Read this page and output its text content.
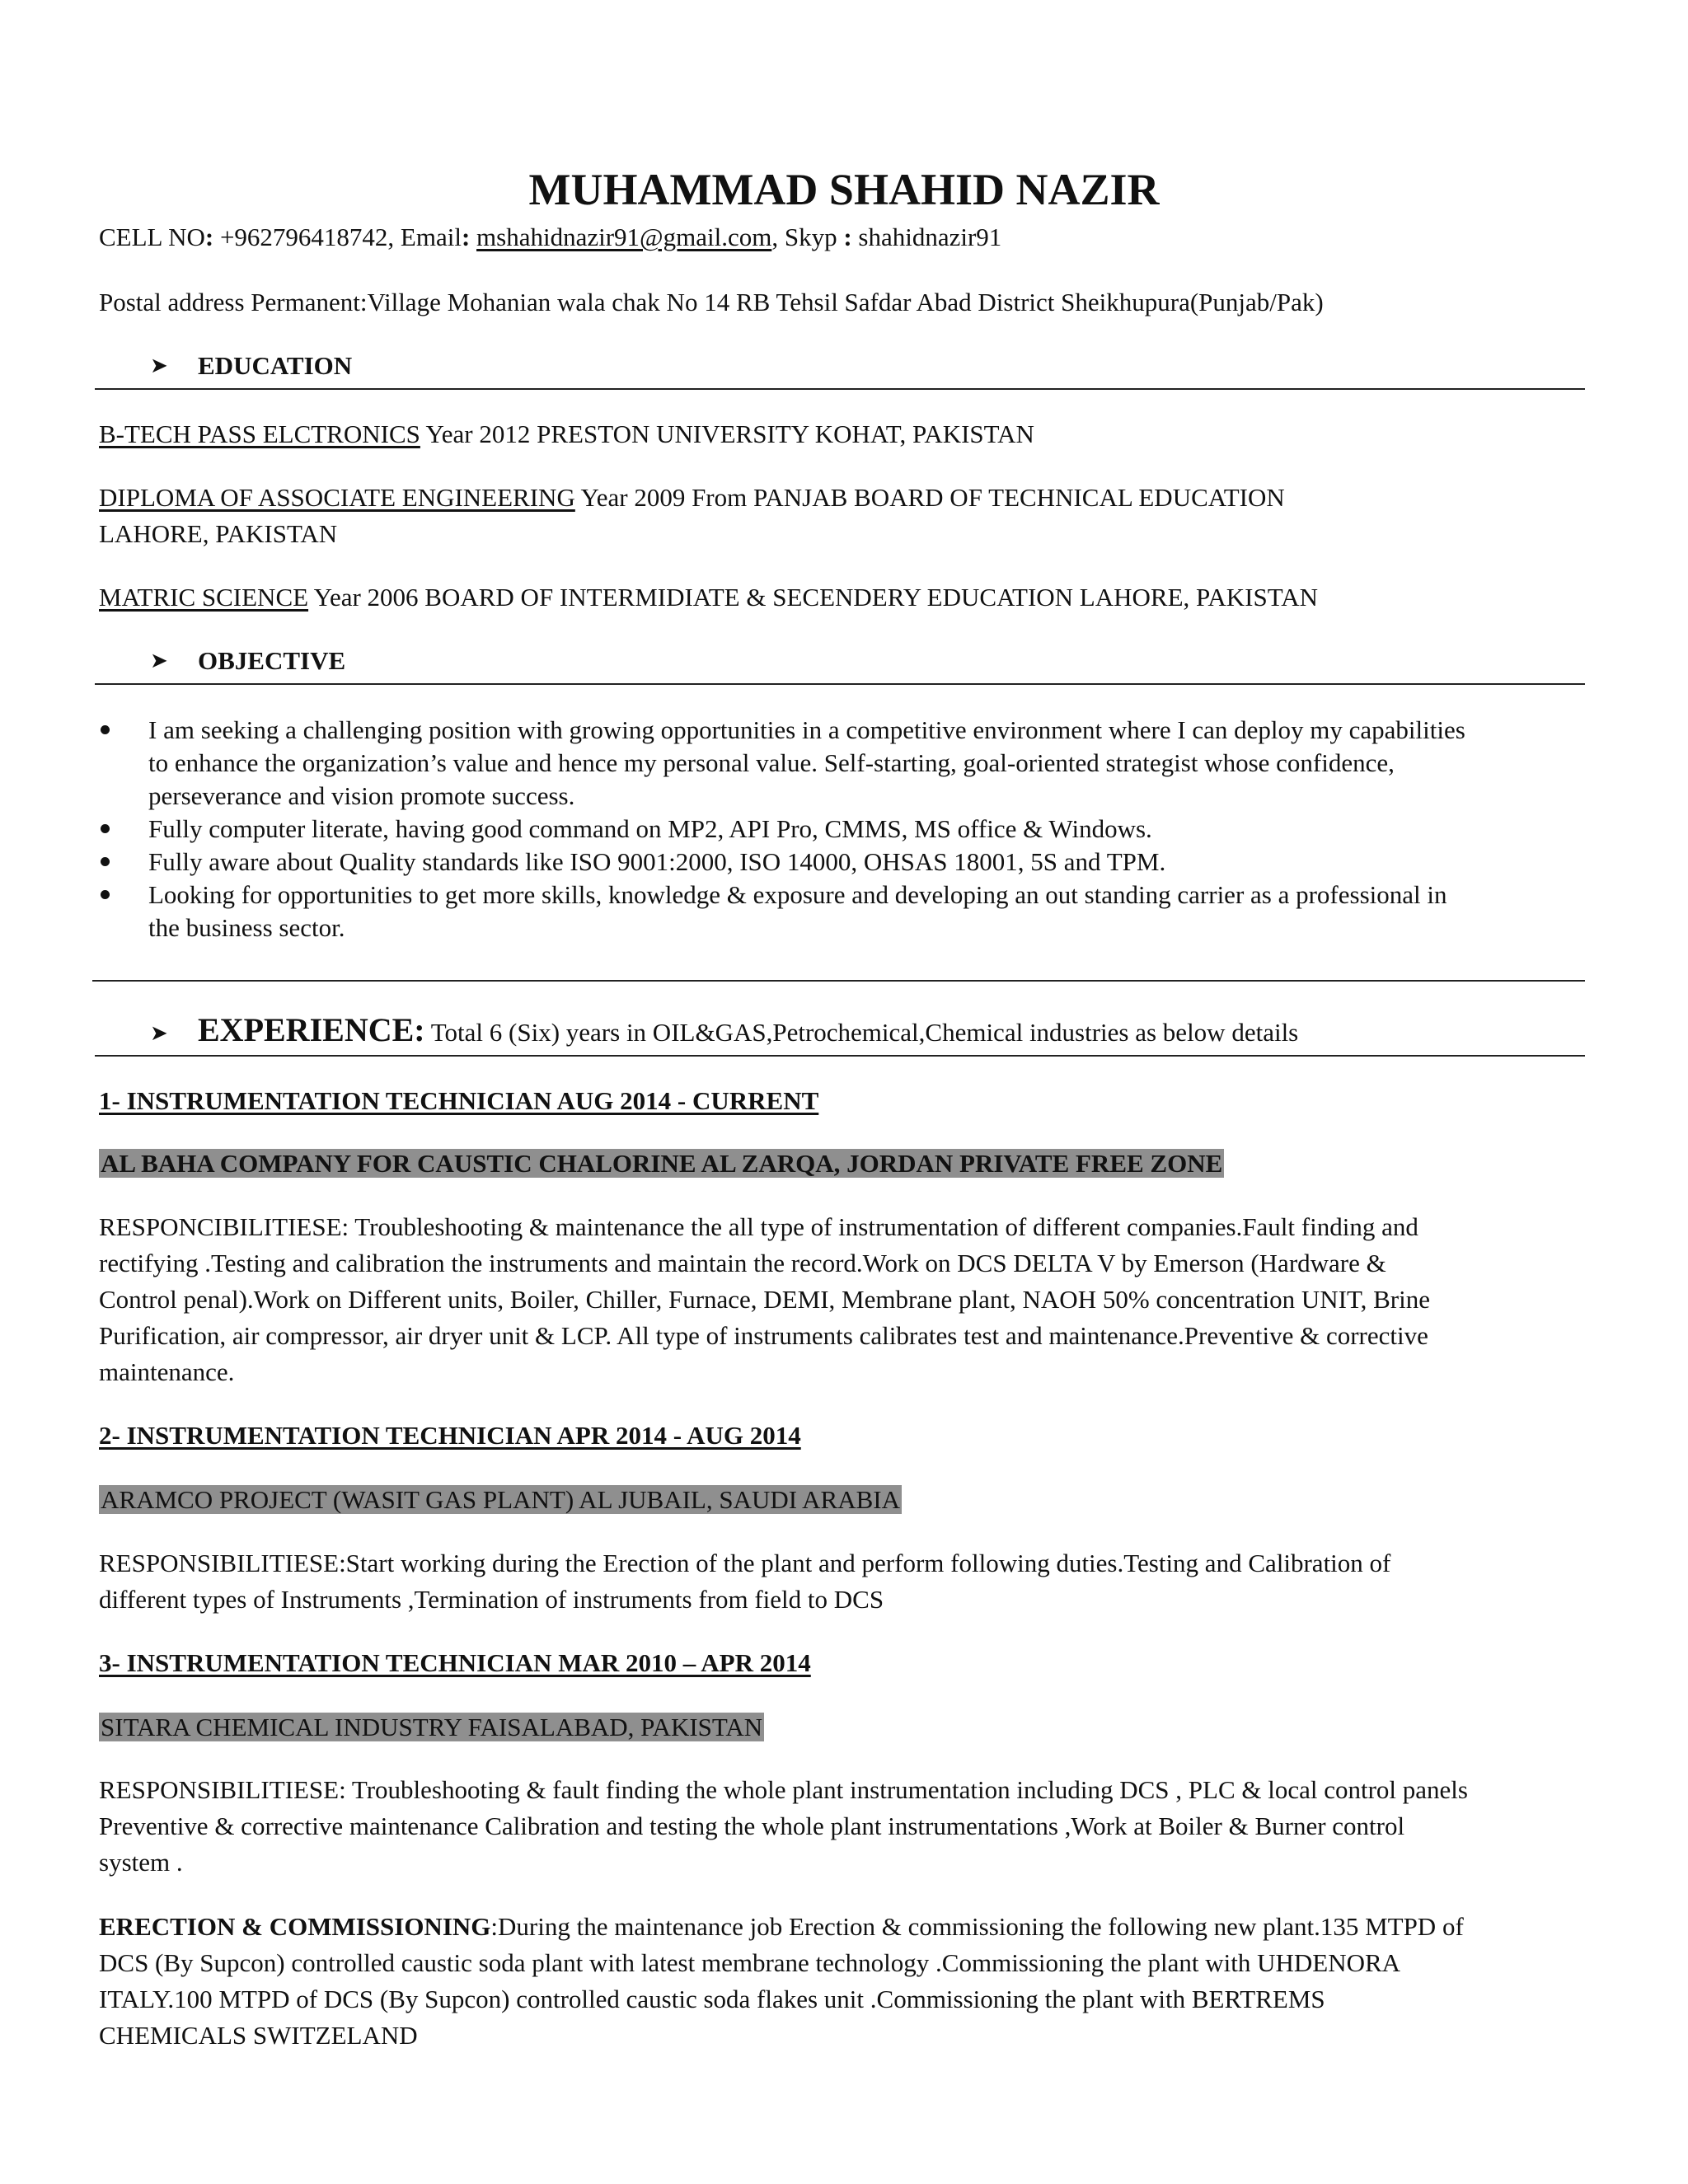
MUHAMMAD SHAHID NAZIR
CELL NO: +962796418742, Email: mshahidnazir91@gmail.com, Skyp : shahidnazir91
Postal address Permanent:Village Mohanian wala chak No 14 RB Tehsil Safdar Abad District Sheikhupura(Punjab/Pak)
➤ EDUCATION
B-TECH PASS ELCTRONICS Year 2012 PRESTON UNIVERSITY KOHAT, PAKISTAN
DIPLOMA OF ASSOCIATE ENGINEERING Year 2009 From PANJAB BOARD OF TECHNICAL EDUCATION
LAHORE, PAKISTAN
MATRIC SCIENCE Year 2006 BOARD OF INTERMIDIATE & SECENDERY EDUCATION LAHORE, PAKISTAN
➤ OBJECTIVE
I am seeking a challenging position with growing opportunities in a competitive environment where I can deploy my capabilities
to enhance the organization’s value and hence my personal value. Self-starting, goal-oriented strategist whose confidence,
perseverance and vision promote success.
Fully computer literate, having good command on MP2, API Pro, CMMS, MS office & Windows.
Fully aware about Quality standards like ISO 9001:2000, ISO 14000, OHSAS 18001, 5S and TPM.
Looking for opportunities to get more skills, knowledge & exposure and developing an out standing carrier as a professional in
the business sector.
➤ EXPERIENCE: Total 6 (Six) years in OIL&GAS,Petrochemical,Chemical industries as below details
1- INSTRUMENTATION TECHNICIAN AUG 2014 - CURRENT
AL BAHA COMPANY FOR CAUSTIC CHALORINE AL ZARQA, JORDAN PRIVATE FREE ZONE
RESPONCIBILITIESE: Troubleshooting & maintenance the all type of instrumentation of different companies.Fault finding and
rectifying .Testing and calibration the instruments and maintain the record.Work on DCS DELTA V by Emerson (Hardware &
Control penal).Work on Different units, Boiler, Chiller, Furnace, DEMI, Membrane plant, NAOH 50% concentration UNIT, Brine
Purification, air compressor, air dryer unit & LCP. All type of instruments calibrates test and maintenance.Preventive & corrective
maintenance.
2- INSTRUMENTATION TECHNICIAN APR 2014 - AUG 2014
ARAMCO PROJECT (WASIT GAS PLANT) AL JUBAIL, SAUDI ARABIA
RESPONSIBILITIESE:Start working during the Erection of the plant and perform following duties.Testing and Calibration of
different types of Instruments ,Termination of instruments from field to DCS
3- INSTRUMENTATION TECHNICIAN MAR 2010 – APR 2014
SITARA CHEMICAL INDUSTRY FAISALABAD, PAKISTAN
RESPONSIBILITIESE: Troubleshooting & fault finding the whole plant instrumentation including DCS , PLC & local control panels
Preventive & corrective maintenance Calibration and testing the whole plant instrumentations ,Work at Boiler & Burner control
system .
ERECTION & COMMISSIONING:During the maintenance job Erection & commissioning the following new plant.135 MTPD of
DCS (By Supcon) controlled caustic soda plant with latest membrane technology .Commissioning the plant with UHDENORA
ITALY.100 MTPD of DCS (By Supcon) controlled caustic soda flakes unit .Commissioning the plant with BERTREMS
CHEMICALS SWITZELAND
